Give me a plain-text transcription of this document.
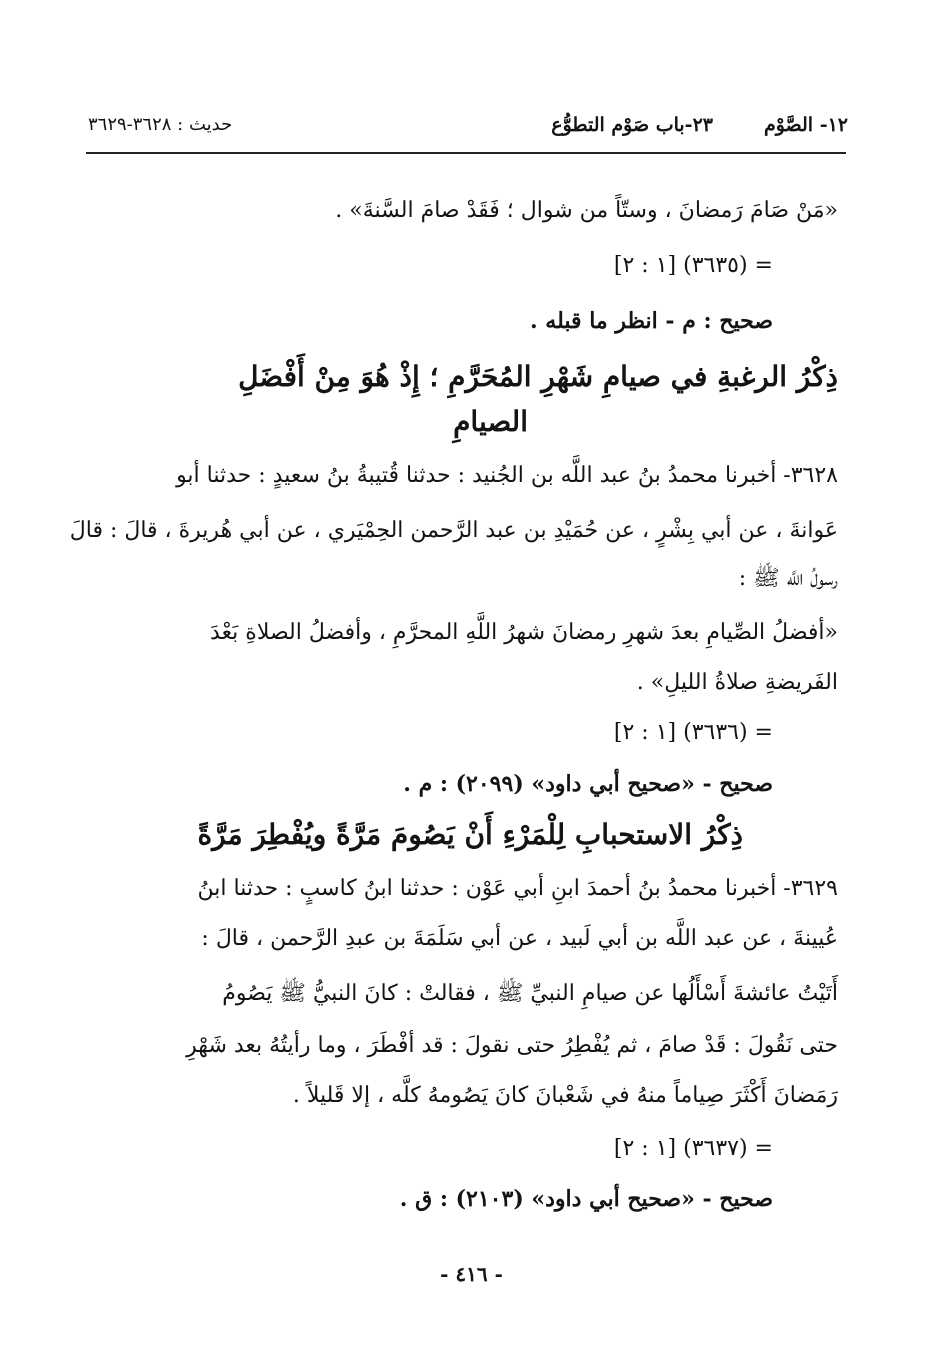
١٢- الصَّوْم
٢٣-باب صَوْم التطوُّع
حديث : ٣٦٢٨-٣٦٢٩
«مَنْ صَامَ رَمضانَ ، وستّاً من شوال ؛ فَقَدْ صامَ السَّنةَ» .
= (٣٦٣٥) [١ : ٢]
صحيح : م - انظر ما قبله .
ذِكْرُ الرغبةِ في صيامِ شَهْرِ المُحَرَّمِ ؛ إِذْ هُوَ مِنْ أَفْضَلِ
الصيامِ
٣٦٢٨- أخبرنا محمدُ بنُ عبد اللَّه بن الجُنيد : حدثنا قُتيبةُ بنُ سعيدٍ : حدثنا أبو
عَوانةَ ، عن أبي بِشْرٍ ، عن حُمَيْدِ بن عبد الرَّحمن الحِمْيَري ، عن أبي هُريرةَ ، قالَ : قالَ
رسولُ اللَّه ﷺ :
«أفضلُ الصِّيامِ بعدَ شهرِ رمضانَ شهرُ اللَّهِ المحرَّمِ ، وأفضلُ الصلاةِ بَعْدَ
الفَريضةِ صلاةُ الليلِ» .
= (٣٦٣٦) [١ : ٢]
صحيح - «صحيح أبي داود» (٢٠٩٩) : م .
ذِكْرُ الاستحبابِ لِلْمَرْءِ أَنْ يَصُومَ مَرَّةً ويُفْطِرَ مَرَّةً
٣٦٢٩- أخبرنا محمدُ بنُ أحمدَ ابنِ أبي عَوْن : حدثنا ابنُ كاسبٍ : حدثنا ابنُ
عُيينةَ ، عن عبد اللَّه بن أبي لَبيد ، عن أبي سَلَمَةَ بن عبدِ الرَّحمن ، قالَ :
أَتَيْتُ عائشةَ أَسْأَلُها عن صيامِ النبيِّ ﷺ ، فقالتْ : كانَ النبيُّ ﷺ يَصُومُ
حتى نَقُولَ : قَدْ صامَ ، ثم يُفْطِرُ حتى نقولَ : قد أفْطَرَ ، وما رأيتُهُ بعد شَهْرِ
رَمَضانَ أَكْثَرَ صِياماً منهُ في شَعْبانَ كانَ يَصُومهُ كلَّه ، إلا قَليلاً .
= (٣٦٣٧) [١ : ٢]
صحيح - «صحيح أبي داود» (٢١٠٣) : ق .
- ٤١٦ -
